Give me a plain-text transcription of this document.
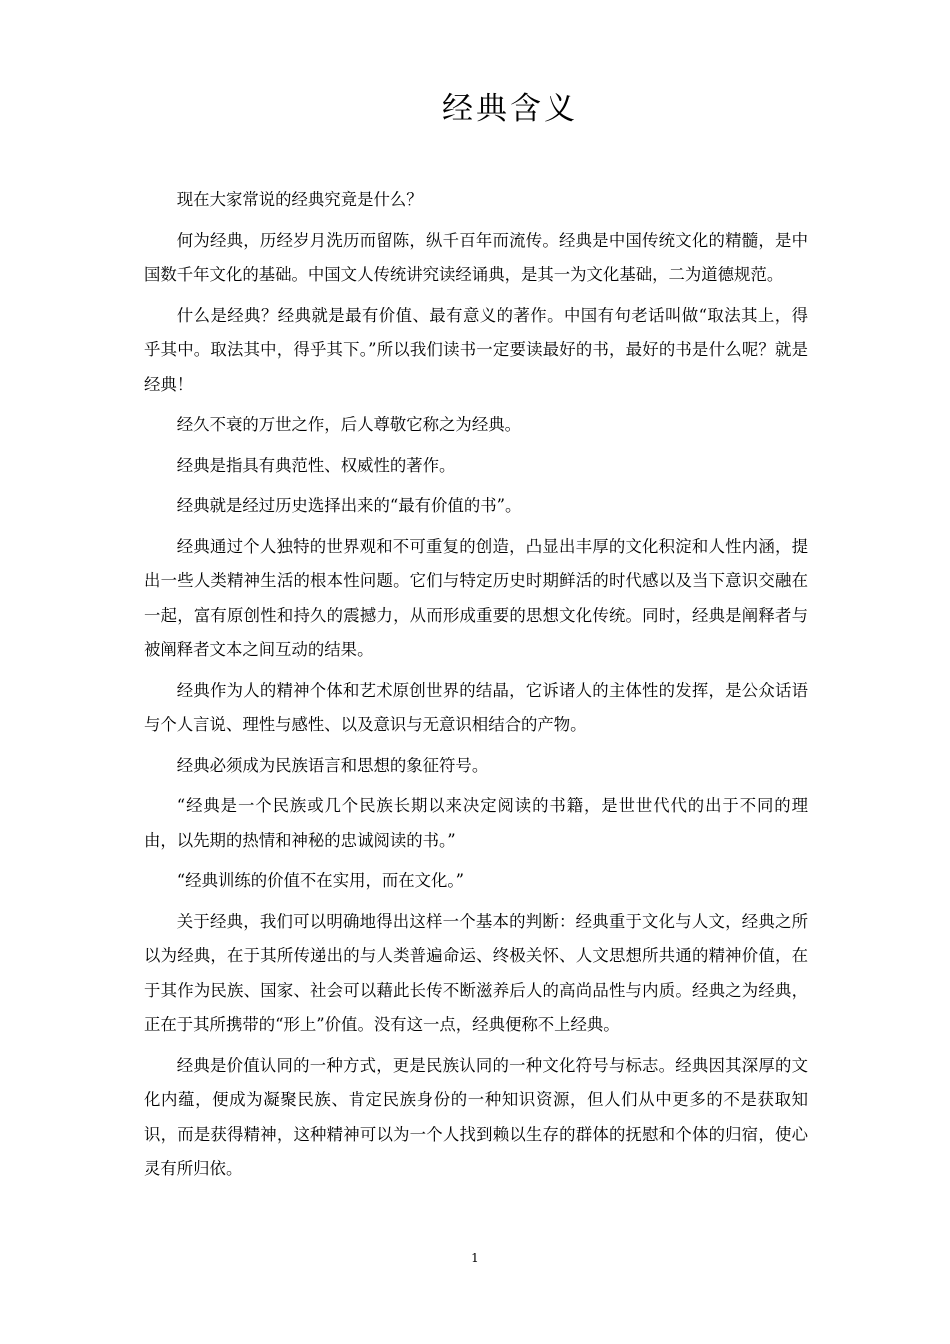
经典含义

现在大家常说的经典究竟是什么？

何为经典，历经岁月洗历而留陈，纵千百年而流传。经典是中国传统文化的精髓，是中国数千年文化的基础。中国文人传统讲究读经诵典，是其一为文化基础，二为道德规范。

什么是经典？经典就是最有价值、最有意义的著作。中国有句老话叫做“取法其上，得乎其中。取法其中，得乎其下。”所以我们读书一定要读最好的书，最好的书是什么呢？就是经典！

经久不衰的万世之作，后人尊敬它称之为经典。

经典是指具有典范性、权威性的著作。

经典就是经过历史选择出来的“最有价值的书”。

经典通过个人独特的世界观和不可重复的创造，凸显出丰厚的文化积淀和人性内涵，提出一些人类精神生活的根本性问题。它们与特定历史时期鲜活的时代感以及当下意识交融在一起，富有原创性和持久的震撼力，从而形成重要的思想文化传统。同时，经典是阐释者与被阐释者文本之间互动的结果。

经典作为人的精神个体和艺术原创世界的结晶，它诉诸人的主体性的发挥，是公众话语与个人言说、理性与感性、以及意识与无意识相结合的产物。

经典必须成为民族语言和思想的象征符号。

“经典是一个民族或几个民族长期以来决定阅读的书籍，是世世代代的出于不同的理由，以先期的热情和神秘的忠诚阅读的书。”

“经典训练的价值不在实用，而在文化。”

关于经典，我们可以明确地得出这样一个基本的判断：经典重于文化与人文，经典之所以为经典，在于其所传递出的与人类普遍命运、终极关怀、人文思想所共通的精神价值，在于其作为民族、国家、社会可以藉此长传不断滋养后人的高尚品性与内质。经典之为经典，正在于其所携带的“形上”价值。没有这一点，经典便称不上经典。

经典是价值认同的一种方式，更是民族认同的一种文化符号与标志。经典因其深厚的文化内蕴，便成为凝聚民族、肯定民族身份的一种知识资源，但人们从中更多的不是获取知识，而是获得精神，这种精神可以为一个人找到赖以生存的群体的抚慰和个体的归宿，使心灵有所归依。

1
